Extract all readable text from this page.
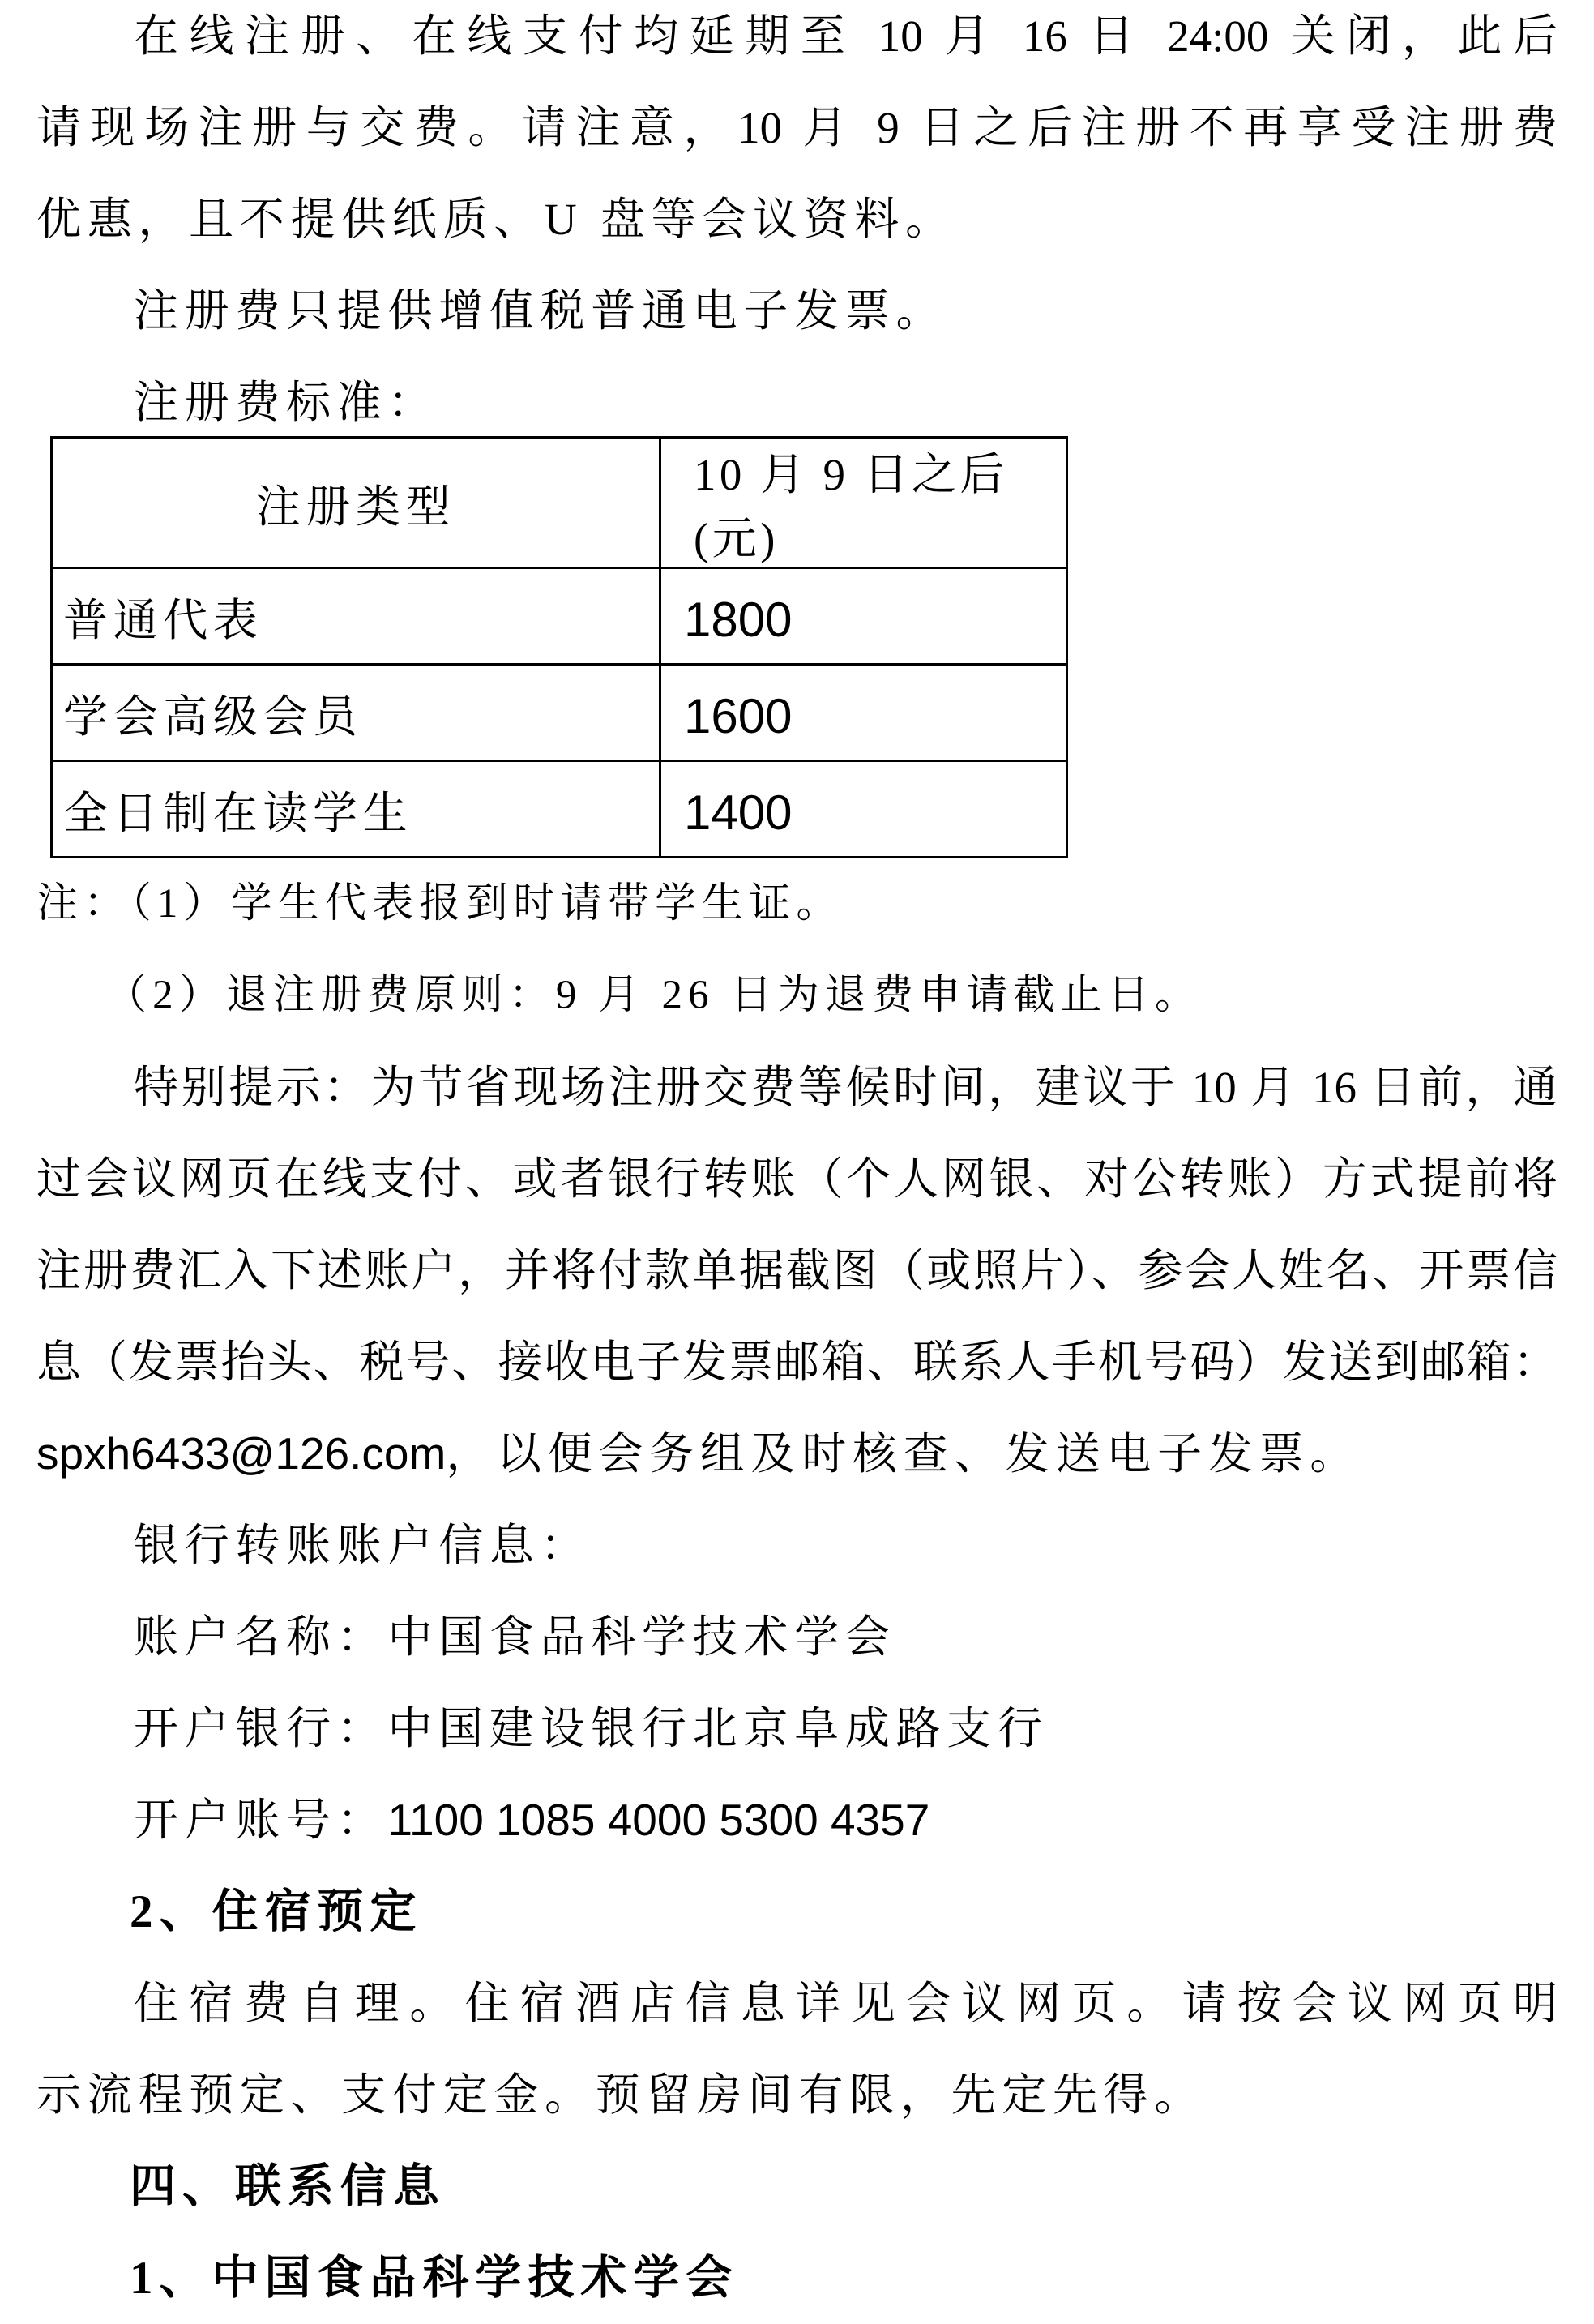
在线注册、在线支付均延期至 10 月 16 日 24:00 关闭，此后
请现场注册与交费。请注意，10 月 9 日之后注册不再享受注册费
优惠，且不提供纸质、U 盘等会议资料。
注册费只提供增值税普通电子发票。
注册费标准：
注册类型	10 月 9 日之后(元)
普通代表	1800
学会高级会员	1600
全日制在读学生	1400
注：（1）学生代表报到时请带学生证。
（2）退注册费原则：9 月 26 日为退费申请截止日。
特别提示：为节省现场注册交费等候时间，建议于 10 月 16 日前，通
过会议网页在线支付、或者银行转账（个人网银、对公转账）方式提前将
注册费汇入下述账户，并将付款单据截图（或照片）、参会人姓名、开票信
息（发票抬头、税号、接收电子发票邮箱、联系人手机号码）发送到邮箱：
spxh6433@126.com，以便会务组及时核查、发送电子发票。
银行转账账户信息：
账户名称：中国食品科学技术学会
开户银行：中国建设银行北京阜成路支行
开户账号：1100 1085 4000 5300 4357
2、住宿预定
住宿费自理。住宿酒店信息详见会议网页。请按会议网页明
示流程预定、支付定金。预留房间有限，先定先得。
四、联系信息
1、中国食品科学技术学会
